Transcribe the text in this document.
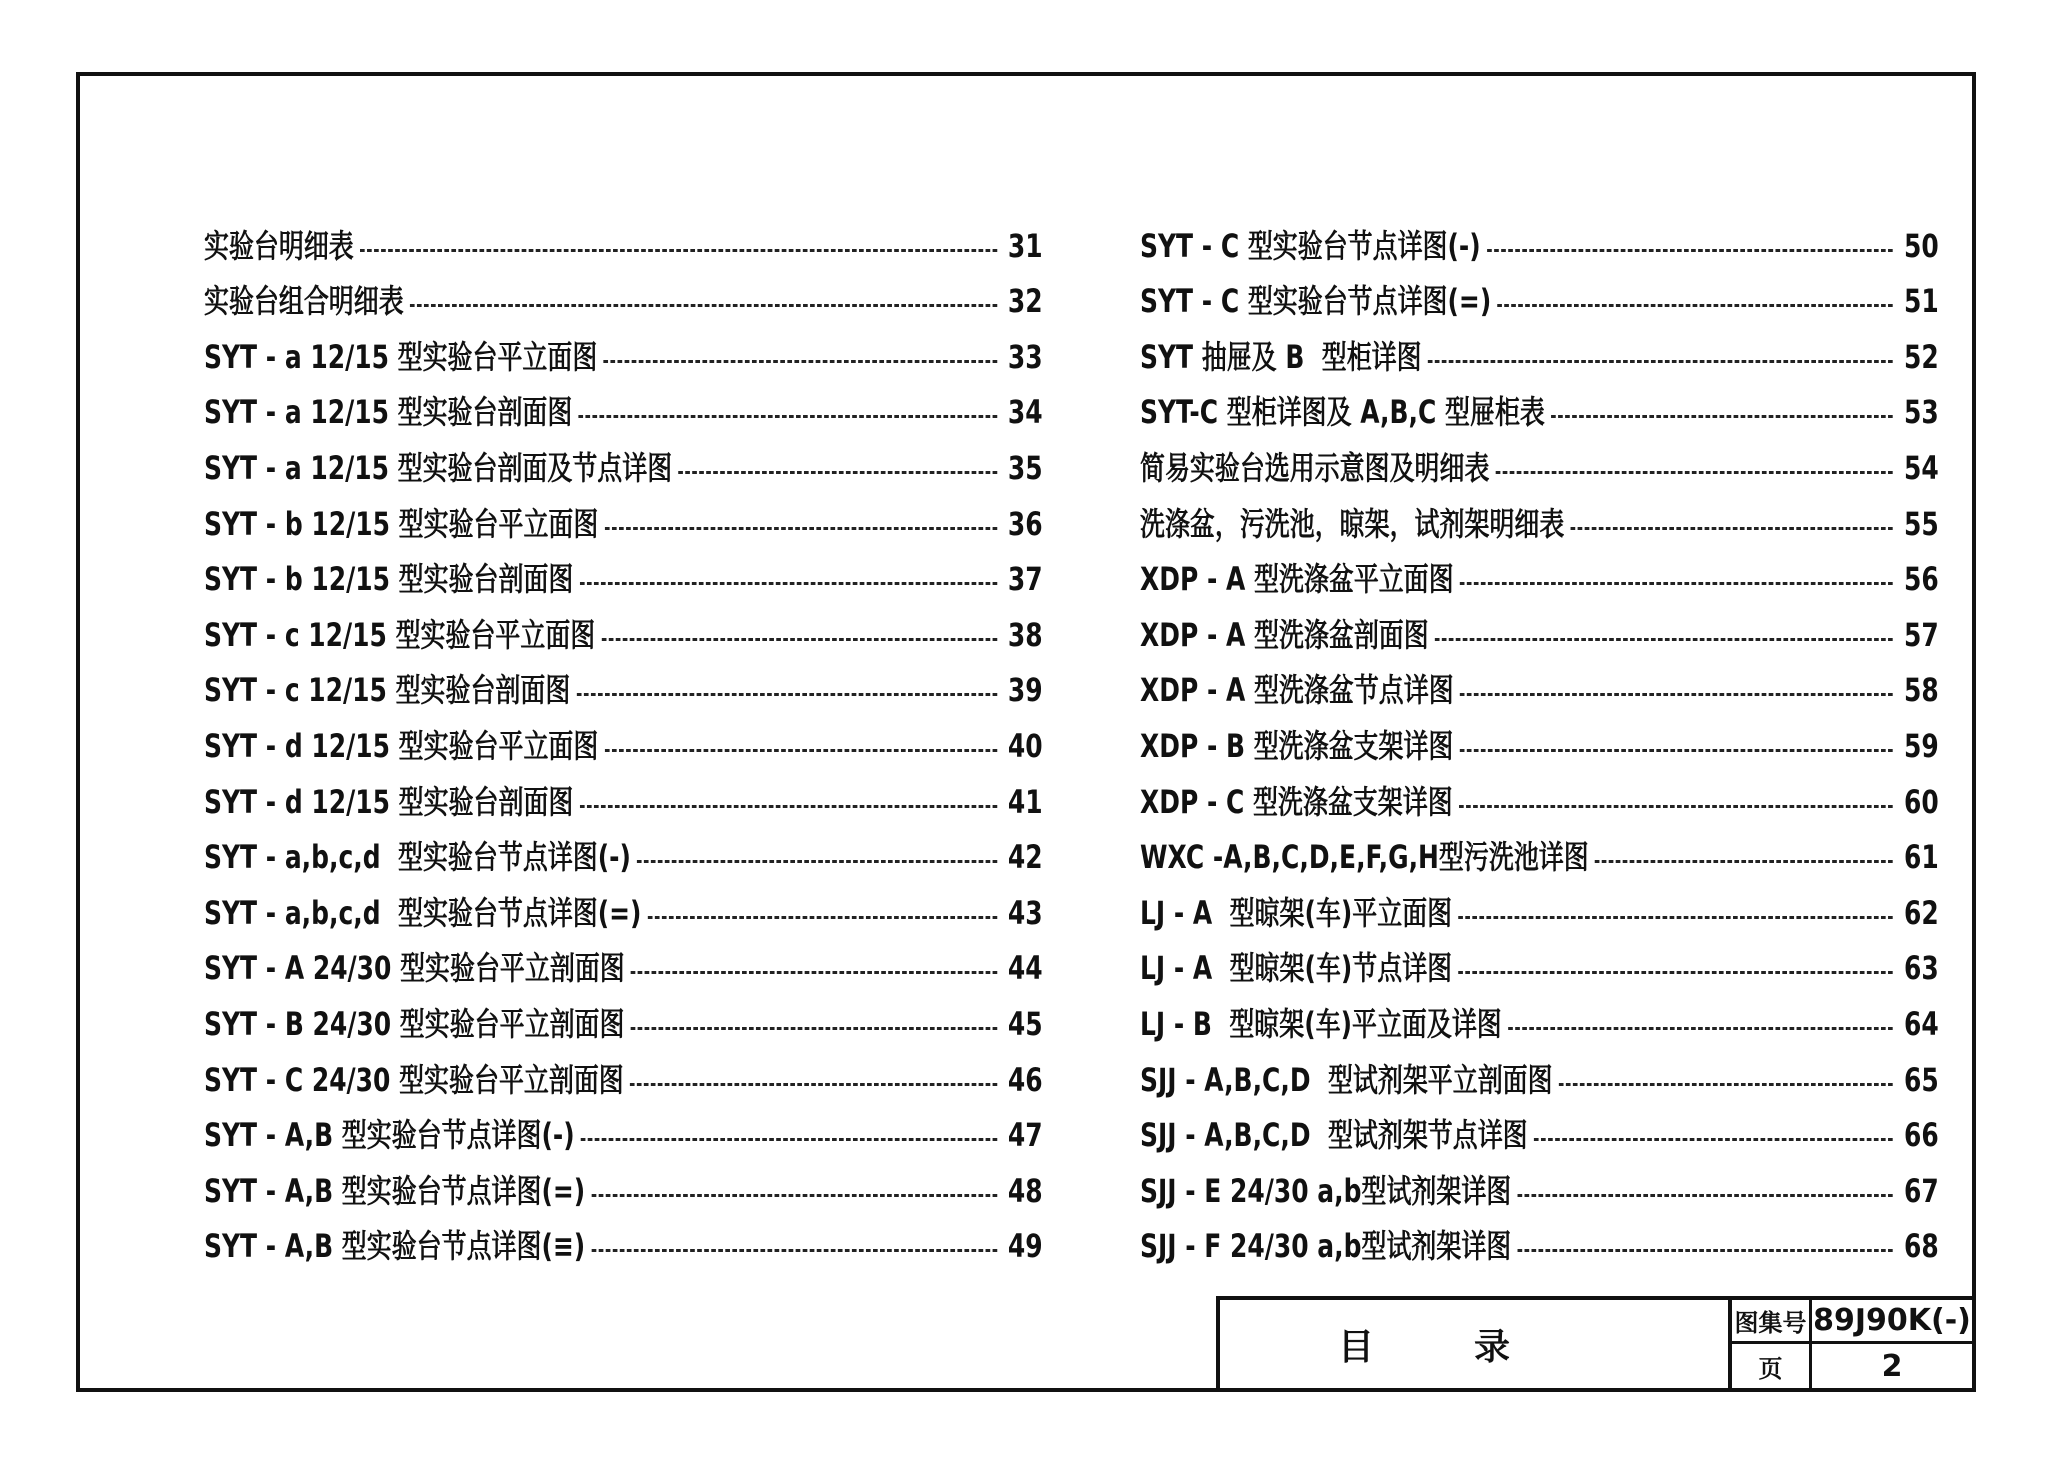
实验台明细表	31
实验台组合明细表	32
SYT - a 12/15 型实验台平立面图	33
SYT - a 12/15 型实验台剖面图	34
SYT - a 12/15 型实验台剖面及节点详图	35
SYT - b 12/15 型实验台平立面图	36
SYT - b 12/15 型实验台剖面图	37
SYT - c 12/15 型实验台平立面图	38
SYT - c 12/15 型实验台剖面图	39
SYT - d 12/15 型实验台平立面图	40
SYT - d 12/15 型实验台剖面图	41
SYT - a,b,c,d  型实验台节点详图(-)	42
SYT - a,b,c,d  型实验台节点详图(=)	43
SYT - A 24/30 型实验台平立剖面图	44
SYT - B 24/30 型实验台平立剖面图	45
SYT - C 24/30 型实验台平立剖面图	46
SYT - A,B 型实验台节点详图(-)	47
SYT - A,B 型实验台节点详图(=)	48
SYT - A,B 型实验台节点详图(≡)	49
SYT - C 型实验台节点详图(-)	50
SYT - C 型实验台节点详图(=)	51
SYT 抽屉及 B  型柜详图	52
SYT-C 型柜详图及 A,B,C 型屉柜表	53
简易实验台选用示意图及明细表	54
洗涤盆，污洗池，晾架，试剂架明细表	55
XDP - A 型洗涤盆平立面图	56
XDP - A 型洗涤盆剖面图	57
XDP - A 型洗涤盆节点详图	58
XDP - B 型洗涤盆支架详图	59
XDP - C 型洗涤盆支架详图	60
WXC -A,B,C,D,E,F,G,H型污洗池详图	61
LJ - A  型晾架(车)平立面图	62
LJ - A  型晾架(车)节点详图	63
LJ - B  型晾架(车)平立面及详图	64
SJJ - A,B,C,D  型试剂架平立剖面图	65
SJJ - A,B,C,D  型试剂架节点详图	66
SJJ - E 24/30 a,b型试剂架详图	67
SJJ - F 24/30 a,b型试剂架详图	68
目录
图集号 89J90K(-)
页	2
